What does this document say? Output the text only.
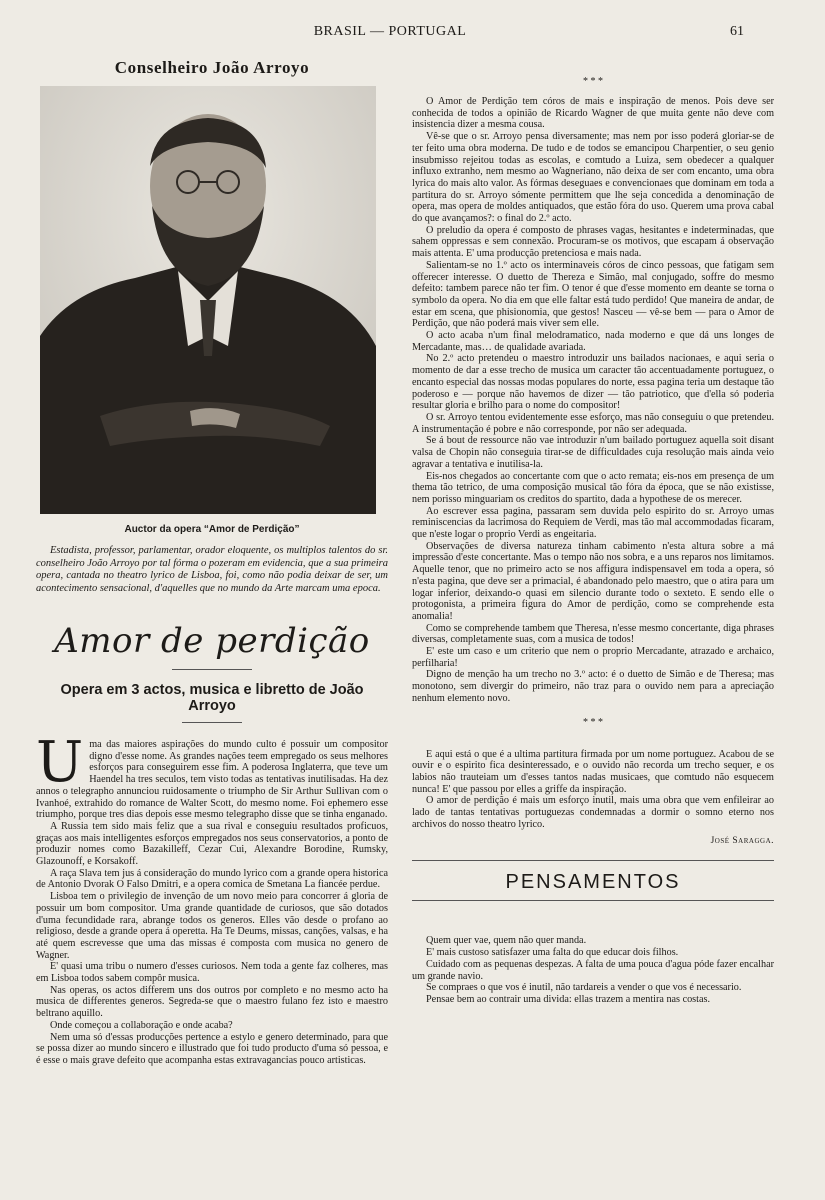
BRASIL — PORTUGAL	61
Conselheiro João Arroyo
Auctor da opera “Amor de Perdição”

Estadista, professor, parlamentar, orador eloquente, os multiplos talentos do sr. conselheiro João Arroyo por tal fórma o pozeram em evidencia, que a sua primeira opera, cantada no theatro lyrico de Lisboa, foi, como não podia deixar de ser, um acontecimento sensacional, d'aquelles que no mundo da Arte marcam uma epoca.

Amor de perdição
Opera em 3 actos, musica e libretto de João Arroyo

Uma das maiores aspirações do mundo culto é possuir um compositor digno d'esse nome. As grandes nações teem empregado os seus melhores esforços para conseguirem esse fim. A poderosa Inglaterra, que teve um Haendel ha tres seculos, tem visto todas as tentativas inutilisadas. Ha dez annos o telegrapho annunciou ruidosamente o triumpho de Sir Arthur Sullivan com o Ivanhoé, extrahido do romance de Walter Scott, do mesmo nome. Foi ephemero esse triumpho, porque tres dias depois esse mesmo telegrapho disse que se tinha enganado.

A Russia tem sido mais feliz que a sua rival e conseguiu resultados proficuos, graças aos mais intelligentes esforços empregados nos seus conservatorios, a ponto de produzir nomes como Bazakilleff, Cezar Cui, Alexandre Borodine, Rumsky, Glazounoff, e Korsakoff.

A raça Slava tem jus á consideração do mundo lyrico com a grande opera historica de Antonio Dvorak O Falso Dmitri, e a opera comica de Smetana La fiancée perdue.

Lisboa tem o privilegio de invenção de um novo meio para concorrer á gloria de possuir um bom compositor. Uma grande quantidade de curiosos, que são dotados d'uma fecundidade rara, abrange todos os generos. Elles vão desde o profano ao religioso, desde a grande opera á operetta. Ha Te Deums, missas, canções, valsas, e ha até quem escrevesse que uma das missas é composta com musica no genero de Wagner.

E' quasi uma tribu o numero d'esses curiosos. Nem toda a gente faz colheres, mas em Lisboa todos sabem compôr musica.

Nas operas, os actos differem uns dos outros por completo e no mesmo acto ha musica de differentes generos. Segreda-se que o maestro fulano fez isto e maestro beltrano aquillo.

Onde começou a collaboração e onde acaba?

Nem uma só d'essas producções pertence a estylo e genero determinado, para que se possa dizer ao mundo sincero e illustrado que foi tudo producto d'uma só pessoa, e é esse o mais grave defeito que acompanha estas extravagancias pouco artisticas.

* * *

O Amor de Perdição tem córos de mais e inspiração de menos. Pois deve ser conhecida de todos a opinião de Ricardo Wagner de que muita gente não deve com insistencia dizer a mesma cousa.

Vê-se que o sr. Arroyo pensa diversamente; mas nem por isso poderá gloriar-se de ter feito uma obra moderna. De tudo e de todos se emancipou Charpentier, o seu genio insubmisso rejeitou todas as escolas, e comtudo a Luiza, sem obedecer a qualquer influxo extranho, nem mesmo ao Wagneriano, não deixa de ser com encanto, uma obra lyrica do mais alto valor. As fórmas deseguaes e convencionaes que dominam em toda a partitura do sr. Arroyo sómente permittem que lhe seja concedida a denominação de opera, mas opera de moldes antiquados, que estão fóra do uso. Querem uma prova cabal do que avançamos?: o final do 2.º acto.

O preludio da opera é composto de phrases vagas, hesitantes e indeterminadas, que sahem oppressas e sem connexão. Procuram-se os motivos, que escapam á observação mais attenta. E' uma producção pretenciosa e mais nada.

Salientam-se no 1.º acto os interminaveis córos de cinco pessoas, que fatigam sem offerecer interesse. O duetto de Thereza e Simão, mal conjugado, soffre do mesmo defeito: tambem parece não ter fim. O tenor é que d'esse momento em deante se torna o symbolo da opera. No dia em que elle faltar está tudo perdido! Que maneira de andar, de estar em scena, que phisionomia, que gestos! Nasceu — vê-se bem — para o Amor de Perdição, que não poderá mais viver sem elle.

O acto acaba n'um final melodramatico, nada moderno e que dá uns longes de Mercadante, mas… de qualidade avariada.

No 2.º acto pretendeu o maestro introduzir uns bailados nacionaes, e aqui seria o momento de dar a esse trecho de musica um caracter tão accentuadamente portuguez, o encanto especial das nossas modas populares do norte, essa pagina teria um destaque tão poderoso e — porque não havemos de dizer — tão patriotico, que d'ella só poderia resultar gloria e brilho para o nome do compositor!

O sr. Arroyo tentou evidentemente esse esforço, mas não conseguiu o que pretendeu. A instrumentação é pobre e não corresponde, por não ser adequada.

Se á bout de ressource não vae introduzir n'um bailado portuguez aquella soit disant valsa de Chopin não conseguia tirar-se de difficuldades cuja resolução mais ainda veio agravar a tentativa e inutilisa-la.

Eis-nos chegados ao concertante com que o acto remata; eis-nos em presença de um thema tão tetrico, de uma composição musical tão fóra da época, que se não existisse, nem porisso minguariam os creditos do spartito, dada a hypothese de os merecer.

Ao escrever essa pagina, passaram sem duvida pelo espirito do sr. Arroyo umas reminiscencias da lacrimosa do Requiem de Verdi, mas tão mal accommodadas ficaram, que n'este logar o proprio Verdi as engeitaria.

Observações de diversa natureza tinham cabimento n'esta altura sobre a má impressão d'este concertante. Mas o tempo não nos sobra, e a uns reparos nos limitamos. Aquelle tenor, que no primeiro acto se nos affigura indispensavel em toda a opera, só n'esta pagina, que deve ser a primacial, é abandonado pelo maestro, que o atira para um logar inferior, deixando-o quasi em silencio durante todo o sexteto. E sendo elle o protogonista, a primeira figura do Amor de perdição, como se comprehende esta anomalia!

Como se comprehende tambem que Theresa, n'esse mesmo concertante, diga phrases diversas, completamente suas, com a musica de todos!

E' este um caso e um criterio que nem o proprio Mercadante, atrazado e archaico, perfilharia!

Digno de menção ha um trecho no 3.º acto: é o duetto de Simão e de Theresa; mas monotono, sem divergir do primeiro, não traz para o ouvido nem para a apreciação nenhum elemento novo.

* * *

E aqui está o que é a ultima partitura firmada por um nome portuguez. Acabou de se ouvir e o espirito fica desinteressado, e o ouvido não recorda um trecho sequer, e os labios não trauteiam um d'esses tantos nadas musicaes, que comtudo não esquecem nunca! E' que passou por elles a griffe da inspiração.

O amor de perdição é mais um esforço inutil, mais uma obra que vem enfileirar ao lado de tantas tentativas portuguezas condemnadas a dormir o somno eterno nos archivos do nosso theatro lyrico.

José Saragga.
PENSAMENTOS

Quem quer vae, quem não quer manda.

E' mais custoso satisfazer uma falta do que educar dois filhos.

Cuidado com as pequenas despezas. A falta de uma pouca d'agua póde fazer encalhar um grande navio.

Se compraes o que vos é inutil, não tardareis a vender o que vos é necessario.

Pensae bem ao contrair uma divida: ellas trazem a mentira nas costas.
